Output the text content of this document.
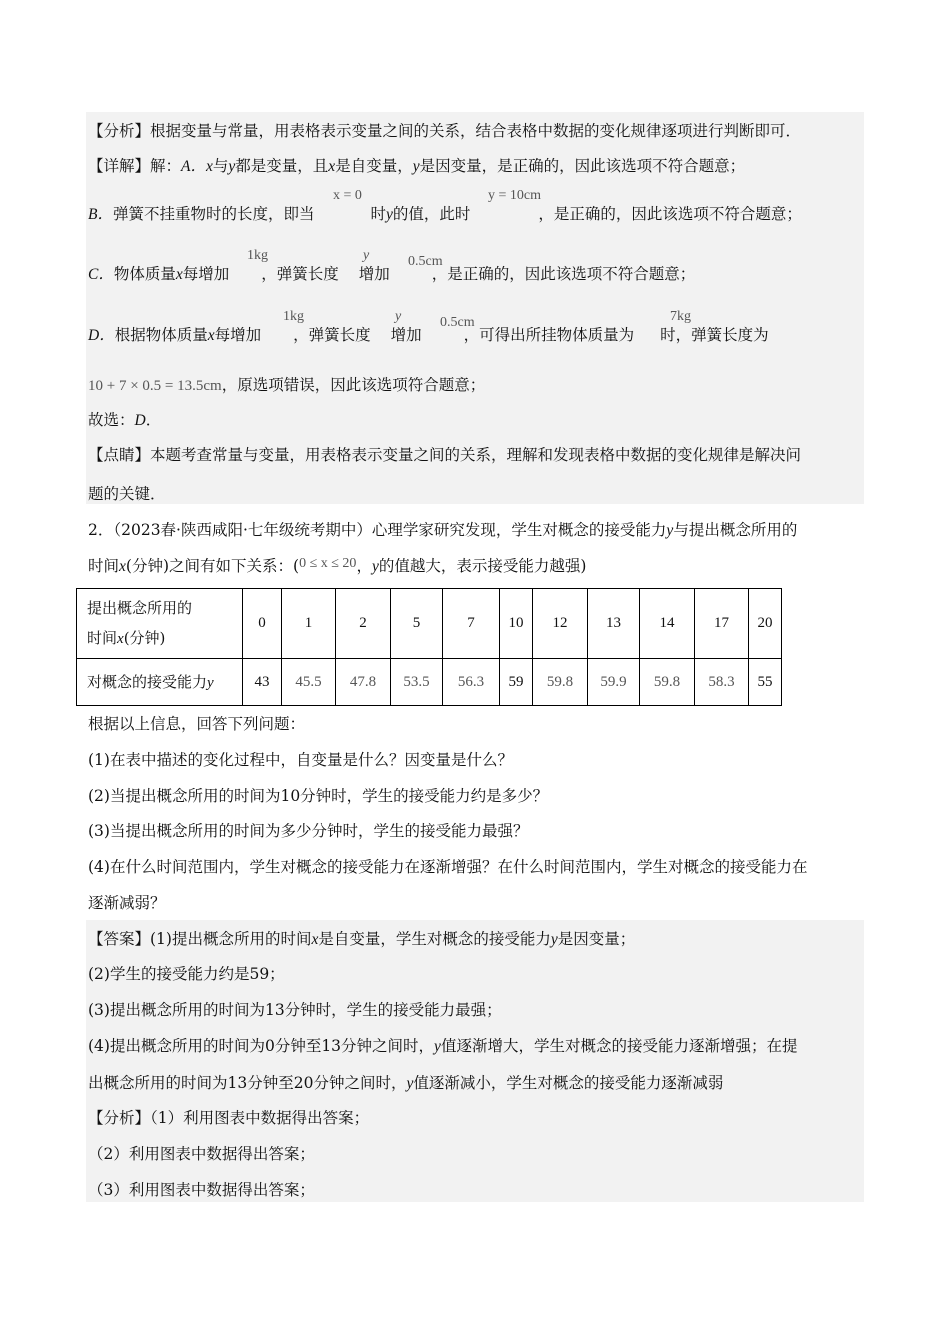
【分析】根据变量与常量，用表格表示变量之间的关系，结合表格中数据的变化规律逐项进行判断即可．
【详解】解：A．x与y都是变量，且x是自变量，y是因变量，是正确的，因此该选项不符合题意；
B．弹簧不挂重物时的长度，即当	时y的值，此时	，是正确的，因此该选项不符合题意；
x = 0	y = 10cm
C．物体质量x每增加 ，弹簧长度 增加	，是正确的，因此该选项不符合题意；
1kg	y	0.5cm
D．根据物体质量x每增加 ，弹簧长度 增加	，可得出所挂物体质量为 时，弹簧长度为
1kg	y	0.5cm	7kg
10 + 7 × 0.5 = 13.5cm，原选项错误，因此该选项符合题意；
故选：D．
【点睛】本题考查常量与变量，用表格表示变量之间的关系，理解和发现表格中数据的变化规律是解决问
题的关键．
2．（2023春·陕西咸阳·七年级统考期中）心理学家研究发现，学生对概念的接受能力y与提出概念所用的
时间x(分钟)之间有如下关系：(0 ≤ x ≤ 20，y的值越大，表示接受能力越强)
提出概念所用的
时间x(分钟)	0	1	2	5	7	10	12	13	14	17	20
对概念的接受能力y	43	45.5	47.8	53.5	56.3	59	59.8	59.9	59.8	58.3	55
根据以上信息，回答下列问题：
(1)在表中描述的变化过程中，自变量是什么？因变量是什么？
(2)当提出概念所用的时间为10分钟时，学生的接受能力约是多少？
(3)当提出概念所用的时间为多少分钟时，学生的接受能力最强？
(4)在什么时间范围内，学生对概念的接受能力在逐渐增强？在什么时间范围内，学生对概念的接受能力在
逐渐减弱？
【答案】(1)提出概念所用的时间x是自变量，学生对概念的接受能力y是因变量；
(2)学生的接受能力约是59；
(3)提出概念所用的时间为13分钟时，学生的接受能力最强；
(4)提出概念所用的时间为0分钟至13分钟之间时，y值逐渐增大，学生对概念的接受能力逐渐增强；在提
出概念所用的时间为13分钟至20分钟之间时，y值逐渐减小，学生对概念的接受能力逐渐减弱
【分析】（1）利用图表中数据得出答案；
（2）利用图表中数据得出答案；
（3）利用图表中数据得出答案；
